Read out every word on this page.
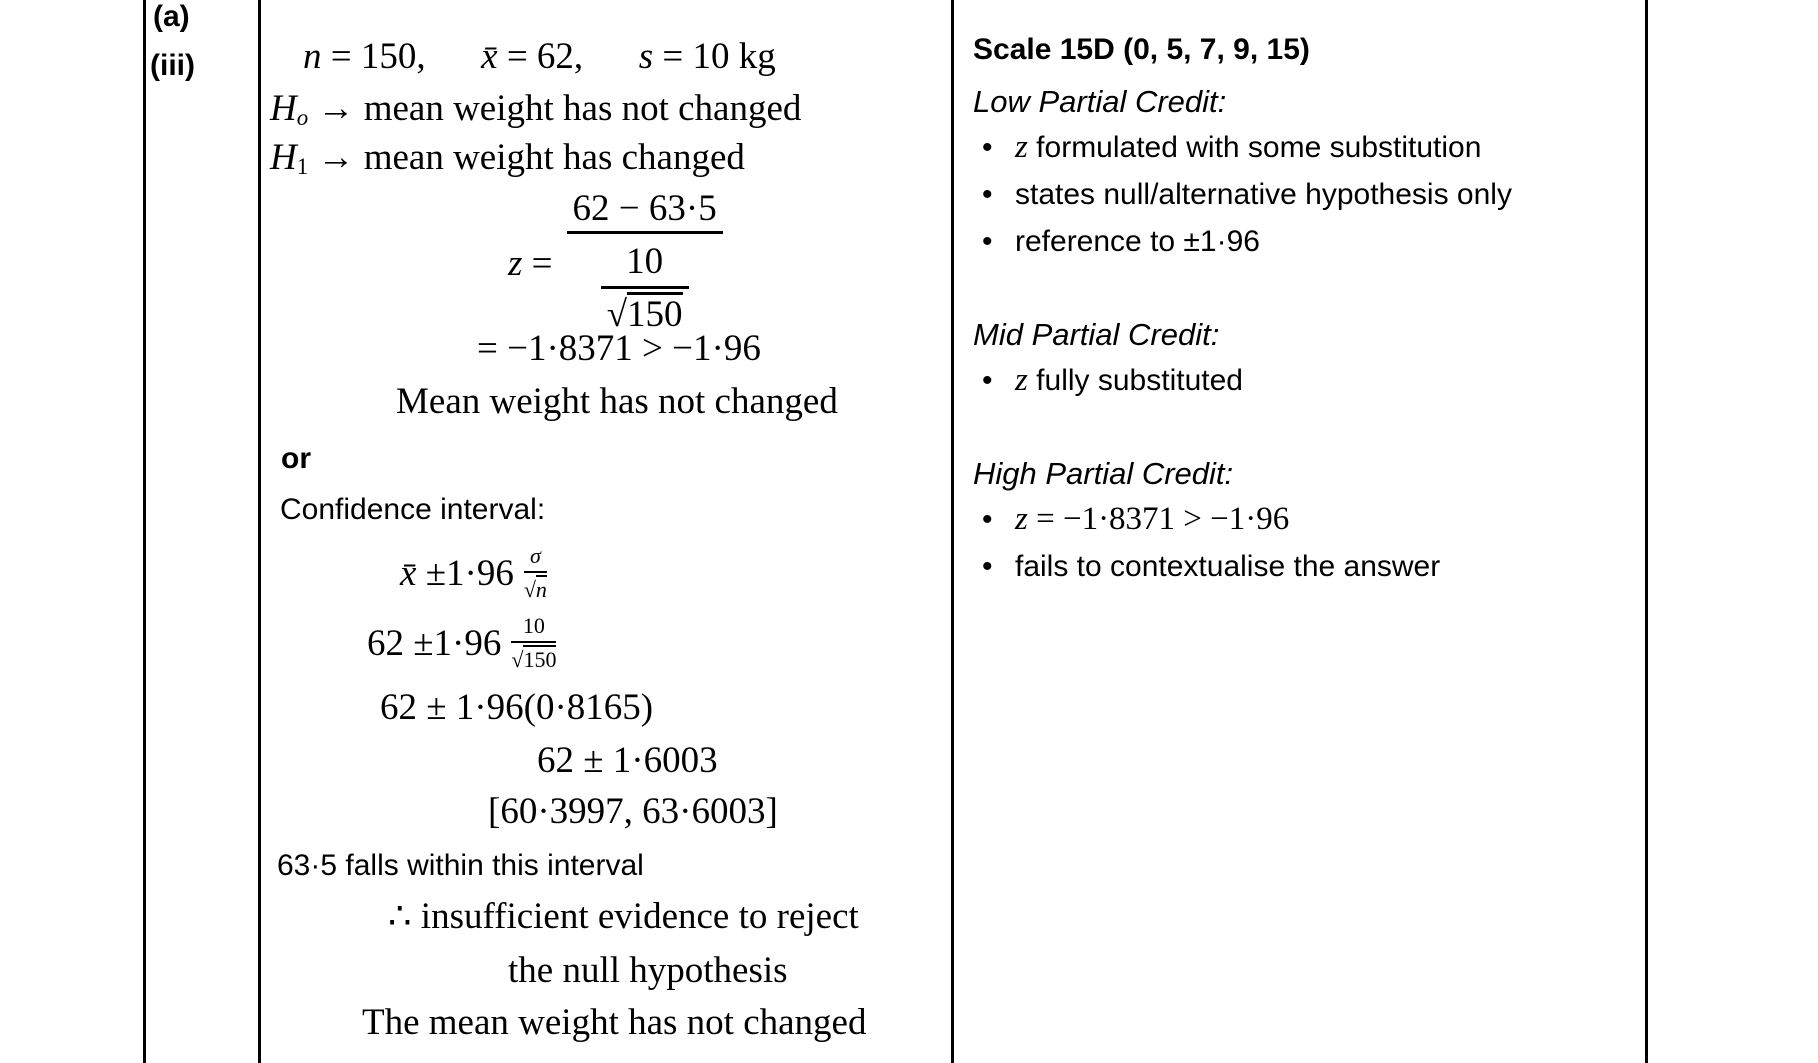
(a)
(iii)	n = 150, x̄ = 62, s = 10 kg
Ho → mean weight has not changed
H1 → mean weight has changed
z =
62 − 63·5
10
√150
= −1·8371 > −1·96
Mean weight has not changed
or
Confidence interval:
x̄ ±1·96 σ
√n
62 ±1·96 10
√150
62 ± 1·96(0·8165)
62 ± 1·6003
[60·3997, 63·6003]
63·5 falls within this interval
∴ insufficient evidence to reject
the null hypothesis
The mean weight has not changed
Scale 15D (0, 5, 7, 9, 15)
Low Partial Credit:
• z formulated with some substitution
• states null/alternative hypothesis only
• reference to ±1·96
Mid Partial Credit:
• z fully substituted
High Partial Credit:
• z = −1·8371 > −1·96
• fails to contextualise the answer
